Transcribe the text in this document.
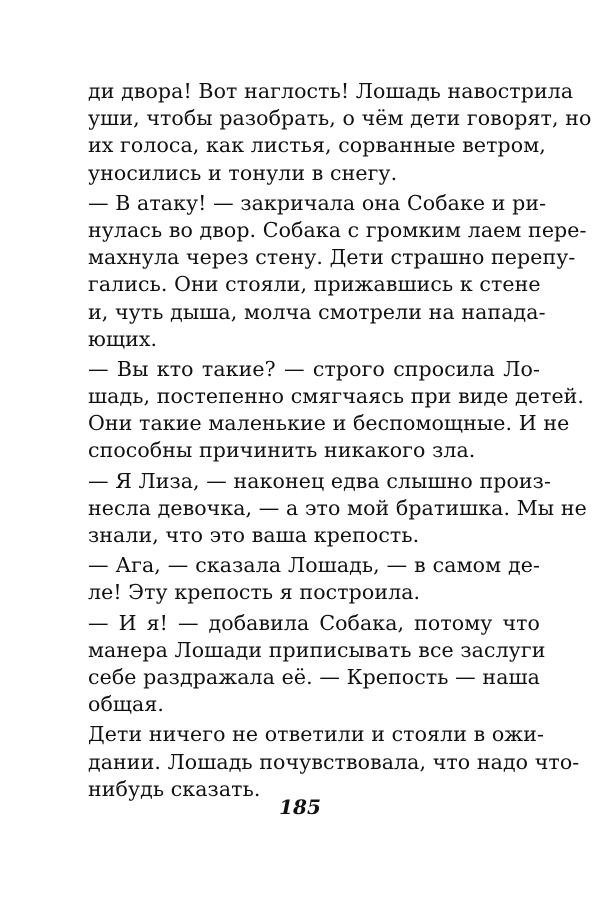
ди двора! Вот наглость! Лошадь навострила
уши, чтобы разобрать, о чём дети говорят, но
их голоса, как листья, сорванные ветром,
уносились и тонули в снегу.
— В атаку! — закричала она Собаке и ри-
нулась во двор. Собака с громким лаем пере-
махнула через стену. Дети страшно перепу-
гались. Они стояли, прижавшись к стене
и, чуть дыша, молча смотрели на напада-
ющих.
— Вы кто такие? — строго спросила Ло-
шадь, постепенно смягчаясь при виде детей.
Они такие маленькие и беспомощные. И не
способны причинить никакого зла.
— Я Лиза, — наконец едва слышно произ-
несла девочка, — а это мой братишка. Мы не
знали, что это ваша крепость.
— Ага, — сказала Лошадь, — в самом де-
ле! Эту крепость я построила.
— И я! — добавила Собака, потому что
манера Лошади приписывать все заслуги
себе раздражала её. — Крепость — наша
общая.
Дети ничего не ответили и стояли в ожи-
дании. Лошадь почувствовала, что надо что-
нибудь сказать.
185
